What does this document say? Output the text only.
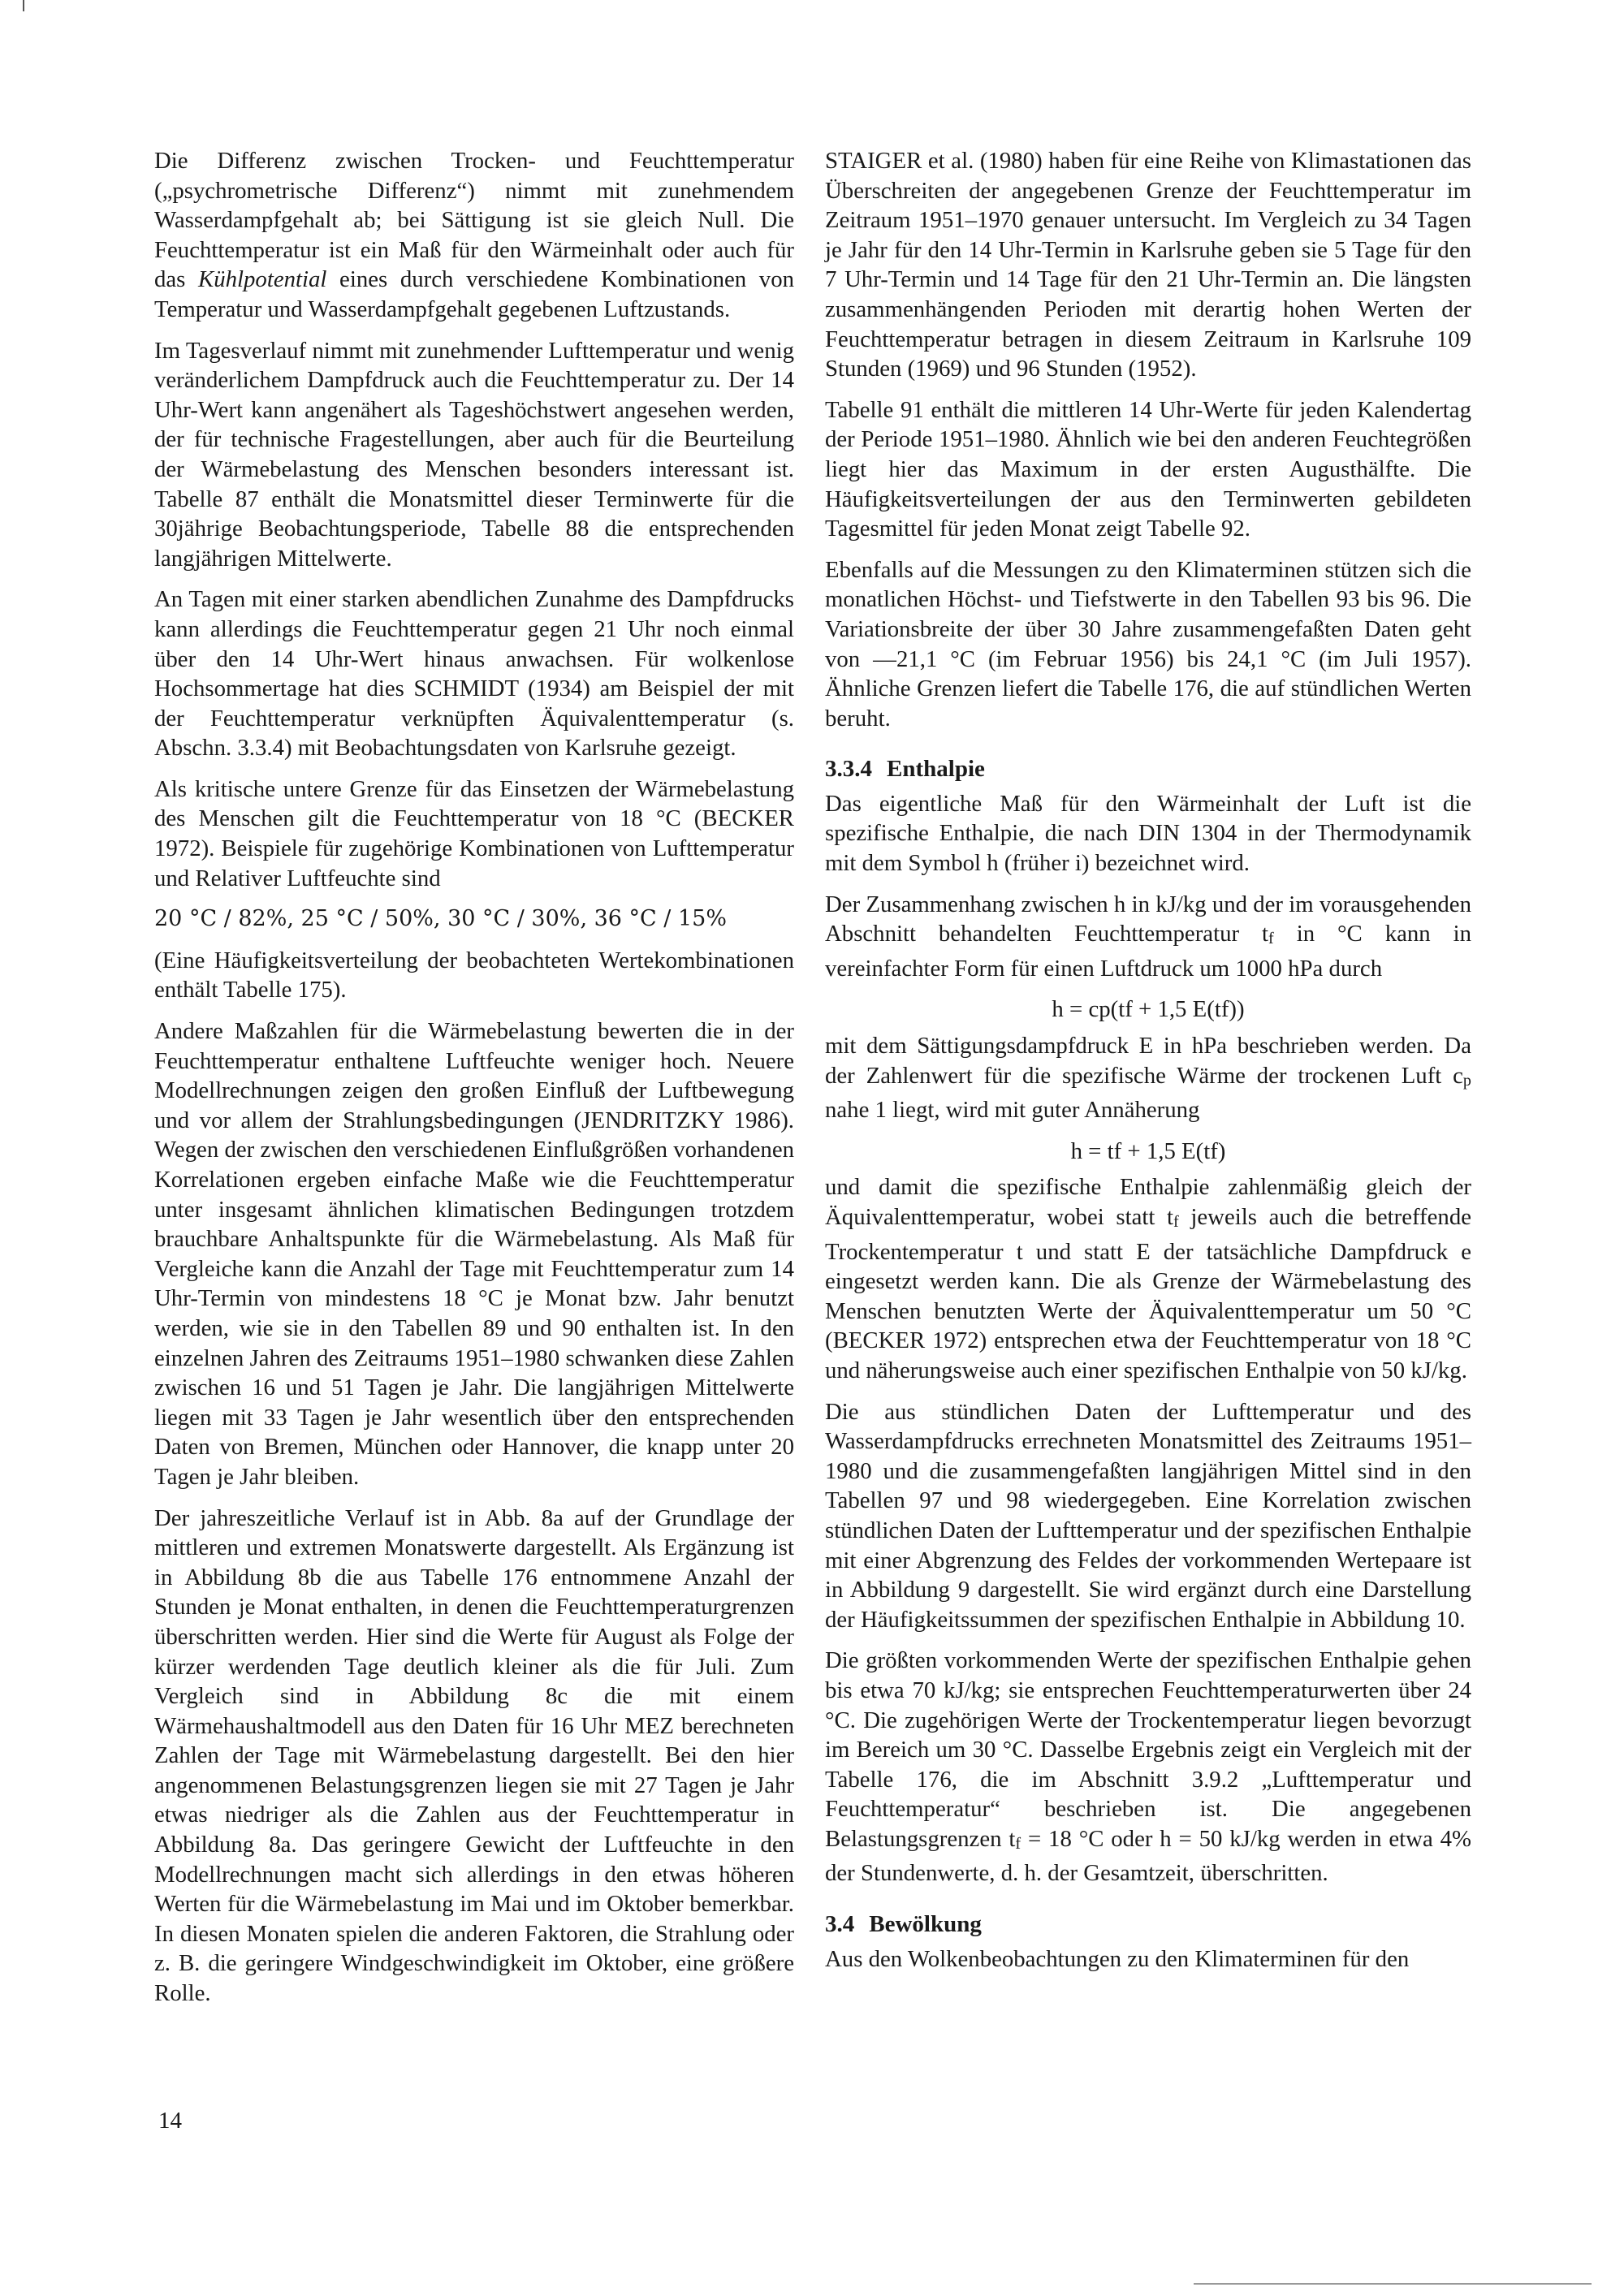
Die Differenz zwischen Trocken- und Feuchttemperatur („psychrometrische Differenz“) nimmt mit zunehmendem Wasserdampfgehalt ab; bei Sättigung ist sie gleich Null. Die Feuchttemperatur ist ein Maß für den Wärmeinhalt oder auch für das Kühlpotential eines durch verschiedene Kombinationen von Temperatur und Wasserdampfgehalt gegebenen Luftzustands.

Im Tagesverlauf nimmt mit zunehmender Lufttemperatur und wenig veränderlichem Dampfdruck auch die Feuchttemperatur zu. Der 14 Uhr-Wert kann angenähert als Tageshöchstwert angesehen werden, der für technische Fragestellungen, aber auch für die Beurteilung der Wärmebelastung des Menschen besonders interessant ist. Tabelle 87 enthält die Monatsmittel dieser Terminwerte für die 30jährige Beobachtungsperiode, Tabelle 88 die entsprechenden langjährigen Mittelwerte.

An Tagen mit einer starken abendlichen Zunahme des Dampfdrucks kann allerdings die Feuchttemperatur gegen 21 Uhr noch einmal über den 14 Uhr-Wert hinaus anwachsen. Für wolkenlose Hochsommertage hat dies SCHMIDT (1934) am Beispiel der mit der Feuchttemperatur verknüpften Äquivalenttemperatur (s. Abschn. 3.3.4) mit Beobachtungsdaten von Karlsruhe gezeigt.

Als kritische untere Grenze für das Einsetzen der Wärmebelastung des Menschen gilt die Feuchttemperatur von 18 °C (BECKER 1972). Beispiele für zugehörige Kombinationen von Lufttemperatur und Relativer Luftfeuchte sind

20 °C / 82%, 25 °C / 50%, 30 °C / 30%, 36 °C / 15%

(Eine Häufigkeitsverteilung der beobachteten Wertekombinationen enthält Tabelle 175).

Andere Maßzahlen für die Wärmebelastung bewerten die in der Feuchttemperatur enthaltene Luftfeuchte weniger hoch. Neuere Modellrechnungen zeigen den großen Einfluß der Luftbewegung und vor allem der Strahlungsbedingungen (JENDRITZKY 1986). Wegen der zwischen den verschiedenen Einflußgrößen vorhandenen Korrelationen ergeben einfache Maße wie die Feuchttemperatur unter insgesamt ähnlichen klimatischen Bedingungen trotzdem brauchbare Anhaltspunkte für die Wärmebelastung. Als Maß für Vergleiche kann die Anzahl der Tage mit Feuchttemperatur zum 14 Uhr-Termin von mindestens 18 °C je Monat bzw. Jahr benutzt werden, wie sie in den Tabellen 89 und 90 enthalten ist. In den einzelnen Jahren des Zeitraums 1951–1980 schwanken diese Zahlen zwischen 16 und 51 Tagen je Jahr. Die langjährigen Mittelwerte liegen mit 33 Tagen je Jahr wesentlich über den entsprechenden Daten von Bremen, München oder Hannover, die knapp unter 20 Tagen je Jahr bleiben.

Der jahreszeitliche Verlauf ist in Abb. 8a auf der Grundlage der mittleren und extremen Monatswerte dargestellt. Als Ergänzung ist in Abbildung 8b die aus Tabelle 176 entnommene Anzahl der Stunden je Monat enthalten, in denen die Feuchttemperaturgrenzen überschritten werden. Hier sind die Werte für August als Folge der kürzer werdenden Tage deutlich kleiner als die für Juli. Zum Vergleich sind in Abbildung 8c die mit einem Wärmehaushaltmodell aus den Daten für 16 Uhr MEZ berechneten Zahlen der Tage mit Wärmebelastung dargestellt. Bei den hier angenommenen Belastungsgrenzen liegen sie mit 27 Tagen je Jahr etwas niedriger als die Zahlen aus der Feuchttemperatur in Abbildung 8a. Das geringere Gewicht der Luftfeuchte in den Modellrechnungen macht sich allerdings in den etwas höheren Werten für die Wärmebelastung im Mai und im Oktober bemerkbar. In diesen Monaten spielen die anderen Faktoren, die Strahlung oder z. B. die geringere Windgeschwindigkeit im Oktober, eine größere Rolle.

STAIGER et al. (1980) haben für eine Reihe von Klimastationen das Überschreiten der angegebenen Grenze der Feuchttemperatur im Zeitraum 1951–1970 genauer untersucht. Im Vergleich zu 34 Tagen je Jahr für den 14 Uhr-Termin in Karlsruhe geben sie 5 Tage für den 7 Uhr-Termin und 14 Tage für den 21 Uhr-Termin an. Die längsten zusammenhängenden Perioden mit derartig hohen Werten der Feuchttemperatur betragen in diesem Zeitraum in Karlsruhe 109 Stunden (1969) und 96 Stunden (1952).

Tabelle 91 enthält die mittleren 14 Uhr-Werte für jeden Kalendertag der Periode 1951–1980. Ähnlich wie bei den anderen Feuchtegrößen liegt hier das Maximum in der ersten Augusthälfte. Die Häufigkeitsverteilungen der aus den Terminwerten gebildeten Tagesmittel für jeden Monat zeigt Tabelle 92.

Ebenfalls auf die Messungen zu den Klimaterminen stützen sich die monatlichen Höchst- und Tiefstwerte in den Tabellen 93 bis 96. Die Variationsbreite der über 30 Jahre zusammengefaßten Daten geht von —21,1 °C (im Februar 1956) bis 24,1 °C (im Juli 1957). Ähnliche Grenzen liefert die Tabelle 176, die auf stündlichen Werten beruht.

3.3.4 Enthalpie

Das eigentliche Maß für den Wärmeinhalt der Luft ist die spezifische Enthalpie, die nach DIN 1304 in der Thermodynamik mit dem Symbol h (früher i) bezeichnet wird.

Der Zusammenhang zwischen h in kJ/kg und der im vorausgehenden Abschnitt behandelten Feuchttemperatur tf in °C kann in vereinfachter Form für einen Luftdruck um 1000 hPa durch

h = cp(tf + 1,5 E(tf))

mit dem Sättigungsdampfdruck E in hPa beschrieben werden. Da der Zahlenwert für die spezifische Wärme der trockenen Luft cp nahe 1 liegt, wird mit guter Annäherung

h = tf + 1,5 E(tf)

und damit die spezifische Enthalpie zahlenmäßig gleich der Äquivalenttemperatur, wobei statt tf jeweils auch die betreffende Trockentemperatur t und statt E der tatsächliche Dampfdruck e eingesetzt werden kann. Die als Grenze der Wärmebelastung des Menschen benutzten Werte der Äquivalenttemperatur um 50 °C (BECKER 1972) entsprechen etwa der Feuchttemperatur von 18 °C und näherungsweise auch einer spezifischen Enthalpie von 50 kJ/kg.

Die aus stündlichen Daten der Lufttemperatur und des Wasserdampfdrucks errechneten Monatsmittel des Zeitraums 1951–1980 und die zusammengefaßten langjährigen Mittel sind in den Tabellen 97 und 98 wiedergegeben. Eine Korrelation zwischen stündlichen Daten der Lufttemperatur und der spezifischen Enthalpie mit einer Abgrenzung des Feldes der vorkommenden Wertepaare ist in Abbildung 9 dargestellt. Sie wird ergänzt durch eine Darstellung der Häufigkeitssummen der spezifischen Enthalpie in Abbildung 10.

Die größten vorkommenden Werte der spezifischen Enthalpie gehen bis etwa 70 kJ/kg; sie entsprechen Feuchttemperaturwerten über 24 °C. Die zugehörigen Werte der Trockentemperatur liegen bevorzugt im Bereich um 30 °C. Dasselbe Ergebnis zeigt ein Vergleich mit der Tabelle 176, die im Abschnitt 3.9.2 „Lufttemperatur und Feuchttemperatur“ beschrieben ist. Die angegebenen Belastungsgrenzen tf = 18 °C oder h = 50 kJ/kg werden in etwa 4% der Stundenwerte, d. h. der Gesamtzeit, überschritten.

3.4 Bewölkung

Aus den Wolkenbeobachtungen zu den Klimaterminen für den

14
